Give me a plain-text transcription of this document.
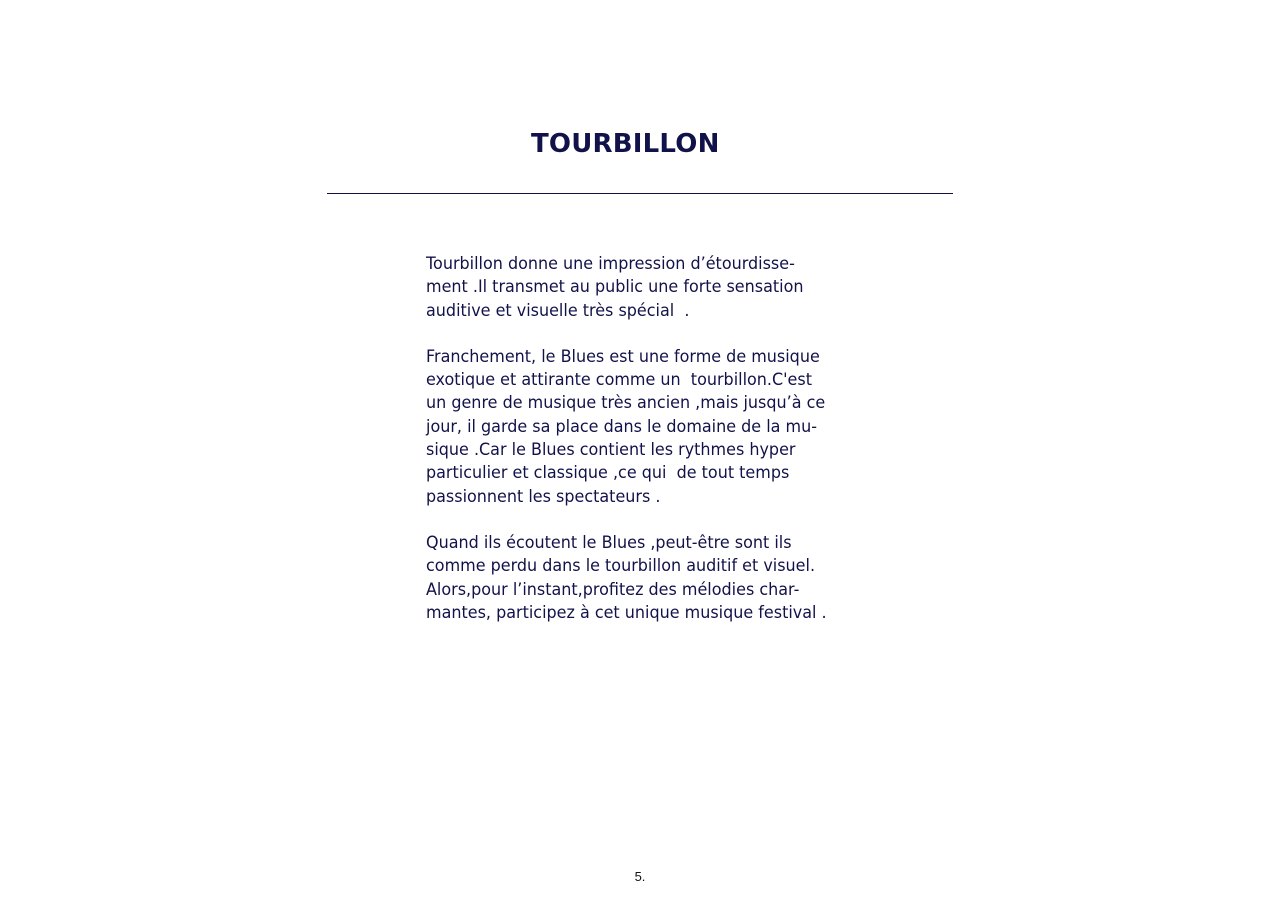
TOURBILLON

Tourbillon donne une impression d’étourdisse-
ment .Il transmet au public une forte sensation
auditive et visuelle très spécial  .

Franchement, le Blues est une forme de musique
exotique et attirante comme un  tourbillon.C'est
un genre de musique très ancien ,mais jusqu’à ce
jour, il garde sa place dans le domaine de la mu-
sique .Car le Blues contient les rythmes hyper
particulier et classique ,ce qui  de tout temps
passionnent les spectateurs .

Quand ils écoutent le Blues ,peut-être sont ils
comme perdu dans le tourbillon auditif et visuel.
Alors,pour l’instant,profitez des mélodies char-
mantes, participez à cet unique musique festival .

5.
